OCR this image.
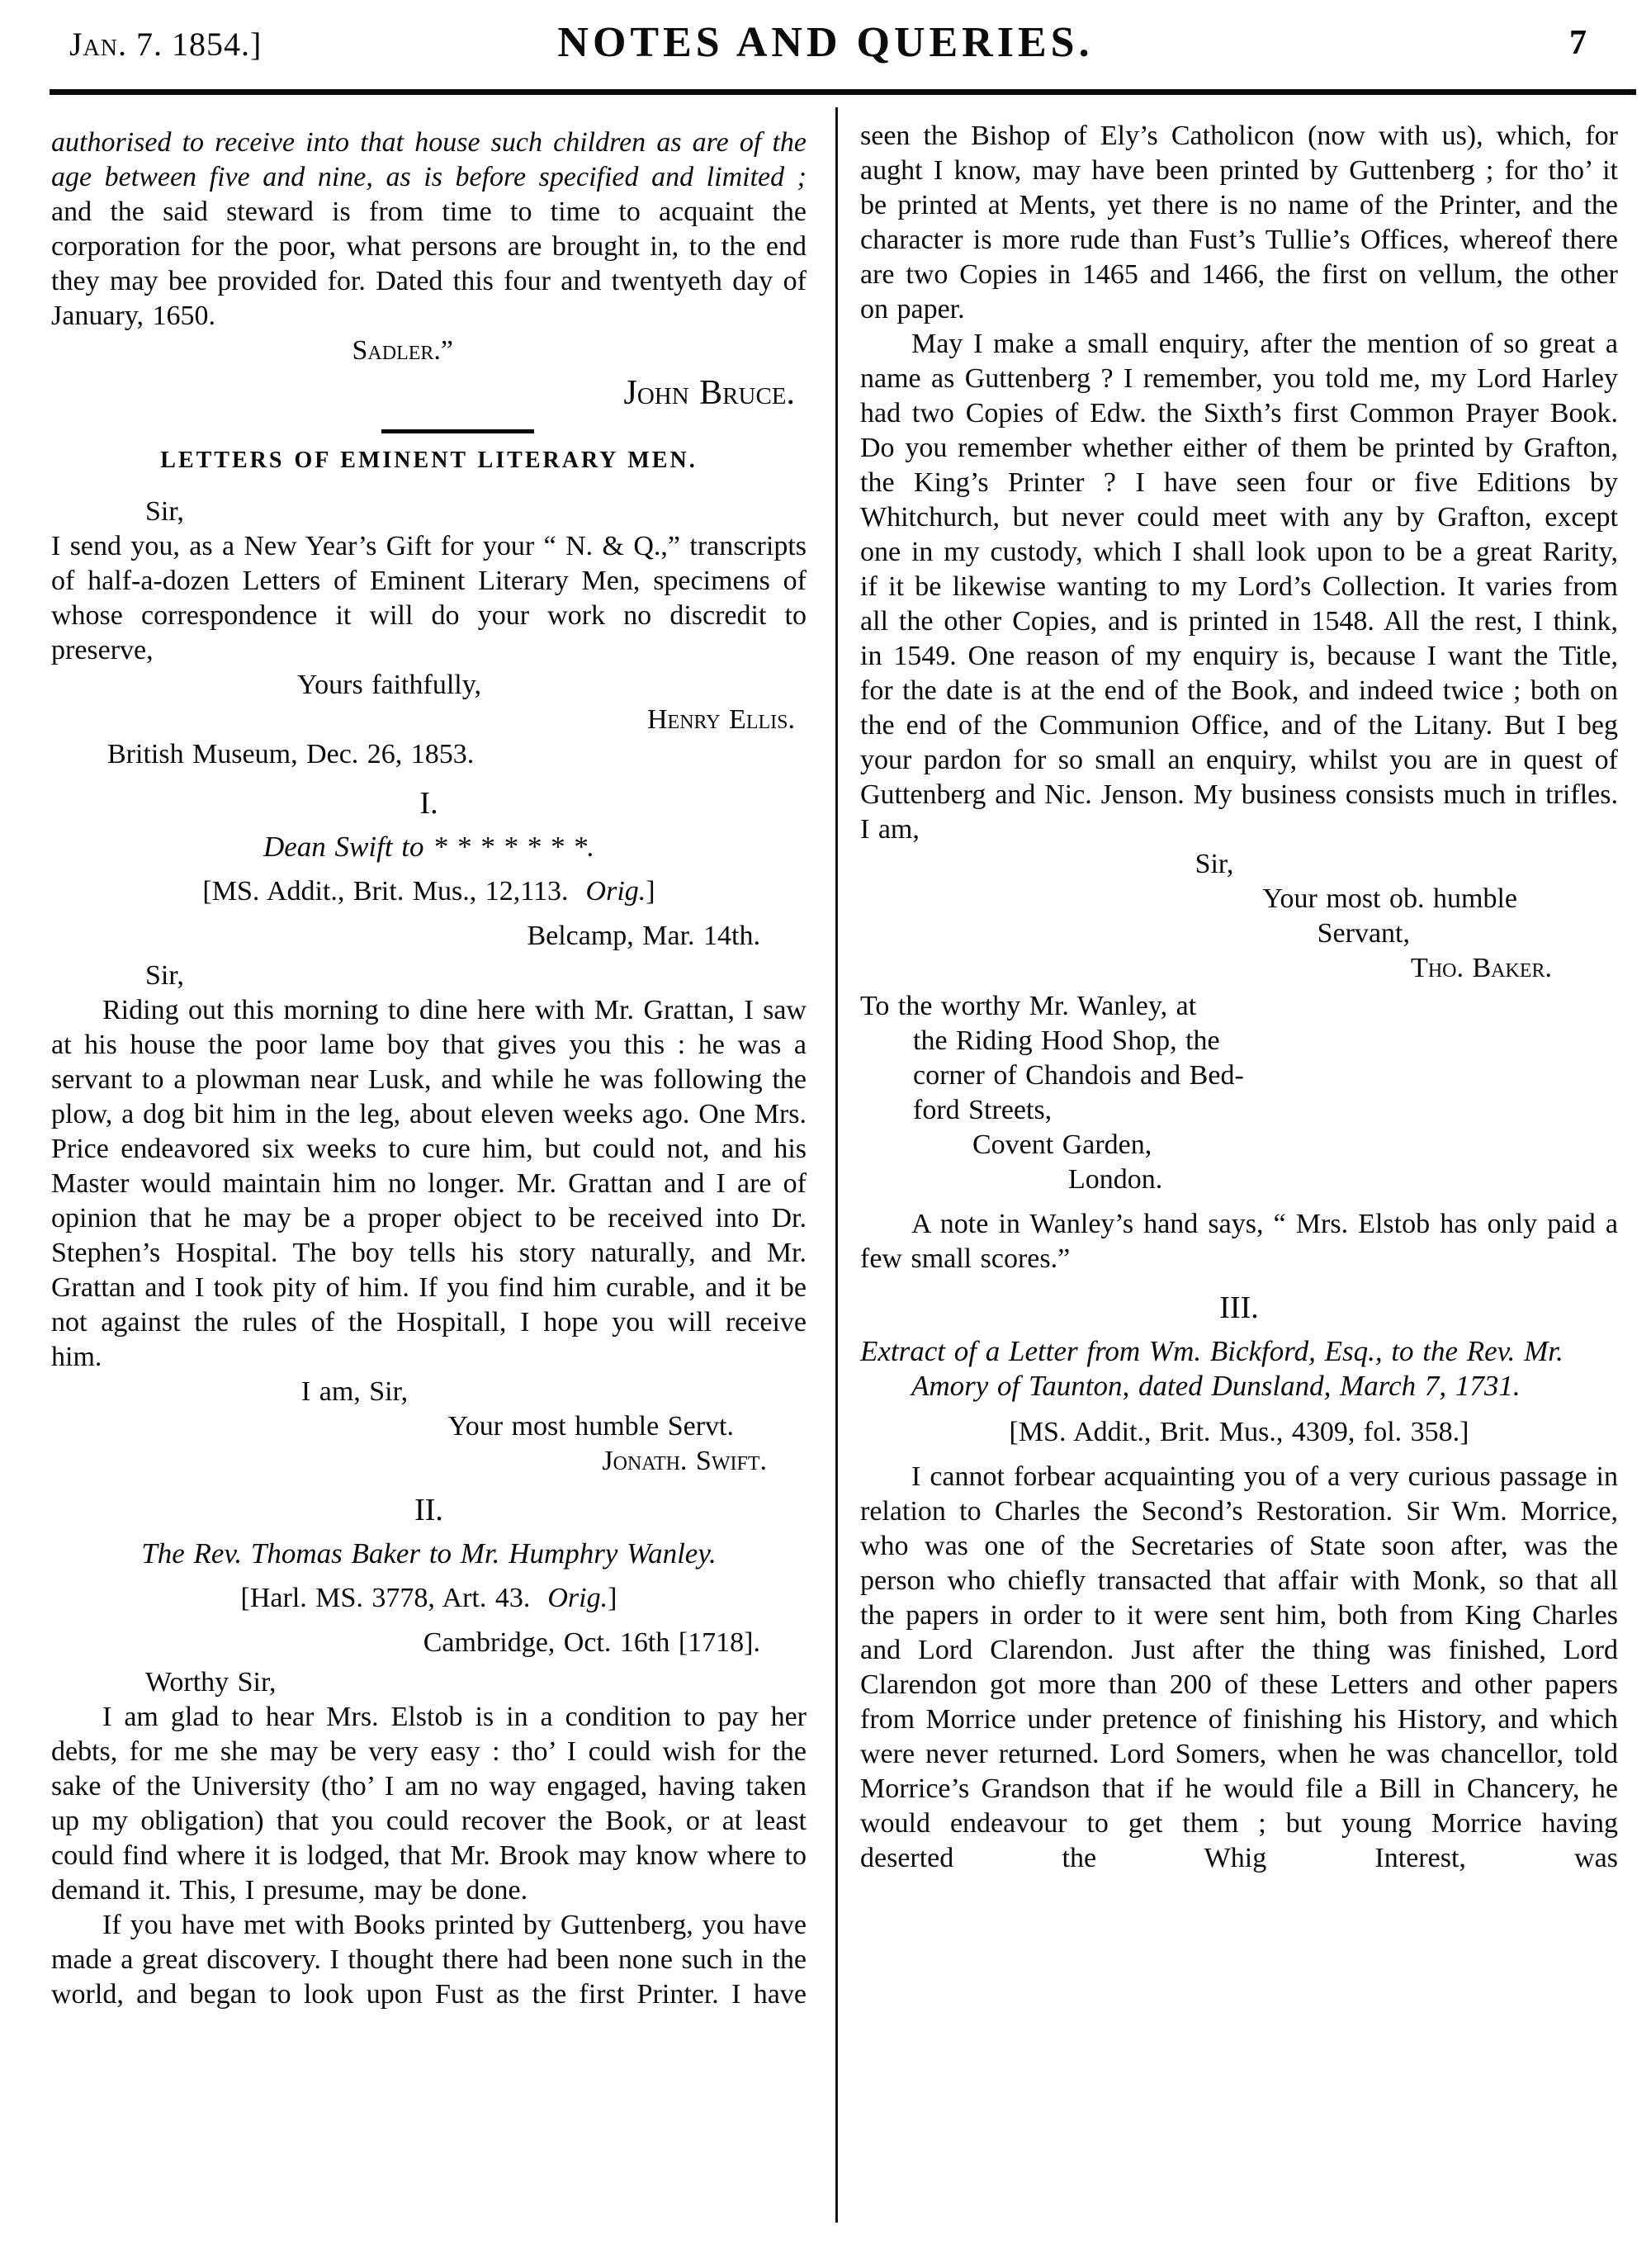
Jan. 7. 1854.]	NOTES AND QUERIES.	7

authorised to receive into that house such children as are of the age between five and nine, as is before specified and limited ; and the said steward is from time to time to acquaint the corporation for the poor, what persons are brought in, to the end they may bee provided for. Dated this four and twentyeth day of January, 1650.

Sadler.”

John Bruce.

LETTERS OF EMINENT LITERARY MEN.

Sir,

I send you, as a New Year’s Gift for your “ N. & Q.,” transcripts of half-a-dozen Letters of Eminent Literary Men, specimens of whose correspondence it will do your work no discredit to preserve,

Yours faithfully,

Henry Ellis.

British Museum, Dec. 26, 1853.

I.

Dean Swift to * * * * * * *.

[MS. Addit., Brit. Mus., 12,113. Orig.]

Belcamp, Mar. 14th.

Sir,

Riding out this morning to dine here with Mr. Grattan, I saw at his house the poor lame boy that gives you this : he was a servant to a plowman near Lusk, and while he was following the plow, a dog bit him in the leg, about eleven weeks ago. One Mrs. Price endeavored six weeks to cure him, but could not, and his Master would maintain him no longer. Mr. Grattan and I are of opinion that he may be a proper object to be received into Dr. Stephen’s Hospital. The boy tells his story naturally, and Mr. Grattan and I took pity of him. If you find him curable, and it be not against the rules of the Hospitall, I hope you will receive him.

I am, Sir,

Your most humble Servt.

Jonath. Swift.

II.

The Rev. Thomas Baker to Mr. Humphry Wanley.

[Harl. MS. 3778, Art. 43. Orig.]

Cambridge, Oct. 16th [1718].

Worthy Sir,

I am glad to hear Mrs. Elstob is in a condition to pay her debts, for me she may be very easy : tho’ I could wish for the sake of the University (tho’ I am no way engaged, having taken up my obligation) that you could recover the Book, or at least could find where it is lodged, that Mr. Brook may know where to demand it. This, I presume, may be done.

If you have met with Books printed by Guttenberg, you have made a great discovery. I thought there had been none such in the world, and began to look upon Fust as the first Printer. I have

seen the Bishop of Ely’s Catholicon (now with us), which, for aught I know, may have been printed by Guttenberg ; for tho’ it be printed at Ments, yet there is no name of the Printer, and the character is more rude than Fust’s Tullie’s Offices, whereof there are two Copies in 1465 and 1466, the first on vellum, the other on paper.

May I make a small enquiry, after the mention of so great a name as Guttenberg ? I remember, you told me, my Lord Harley had two Copies of Edw. the Sixth’s first Common Prayer Book. Do you remember whether either of them be printed by Grafton, the King’s Printer ? I have seen four or five Editions by Whitchurch, but never could meet with any by Grafton, except one in my custody, which I shall look upon to be a great Rarity, if it be likewise wanting to my Lord’s Collection. It varies from all the other Copies, and is printed in 1548. All the rest, I think, in 1549. One reason of my enquiry is, because I want the Title, for the date is at the end of the Book, and indeed twice ; both on the end of the Communion Office, and of the Litany. But I beg your pardon for so small an enquiry, whilst you are in quest of Guttenberg and Nic. Jenson. My business consists much in trifles. I am,

Sir,

Your most ob. humble

Servant,

Tho. Baker.

To the worthy Mr. Wanley, at

the Riding Hood Shop, the

corner of Chandois and Bed-

ford Streets,

Covent Garden,

London.

A note in Wanley’s hand says, “ Mrs. Elstob has only paid a few small scores.”

III.

Extract of a Letter from Wm. Bickford, Esq., to the Rev. Mr. Amory of Taunton, dated Dunsland, March 7, 1731.

[MS. Addit., Brit. Mus., 4309, fol. 358.]

I cannot forbear acquainting you of a very curious passage in relation to Charles the Second’s Restoration. Sir Wm. Morrice, who was one of the Secretaries of State soon after, was the person who chiefly transacted that affair with Monk, so that all the papers in order to it were sent him, both from King Charles and Lord Clarendon. Just after the thing was finished, Lord Clarendon got more than 200 of these Letters and other papers from Morrice under pretence of finishing his History, and which were never returned. Lord Somers, when he was chancellor, told Morrice’s Grandson that if he would file a Bill in Chancery, he would endeavour to get them ; but young Morrice having deserted the Whig Interest, was
